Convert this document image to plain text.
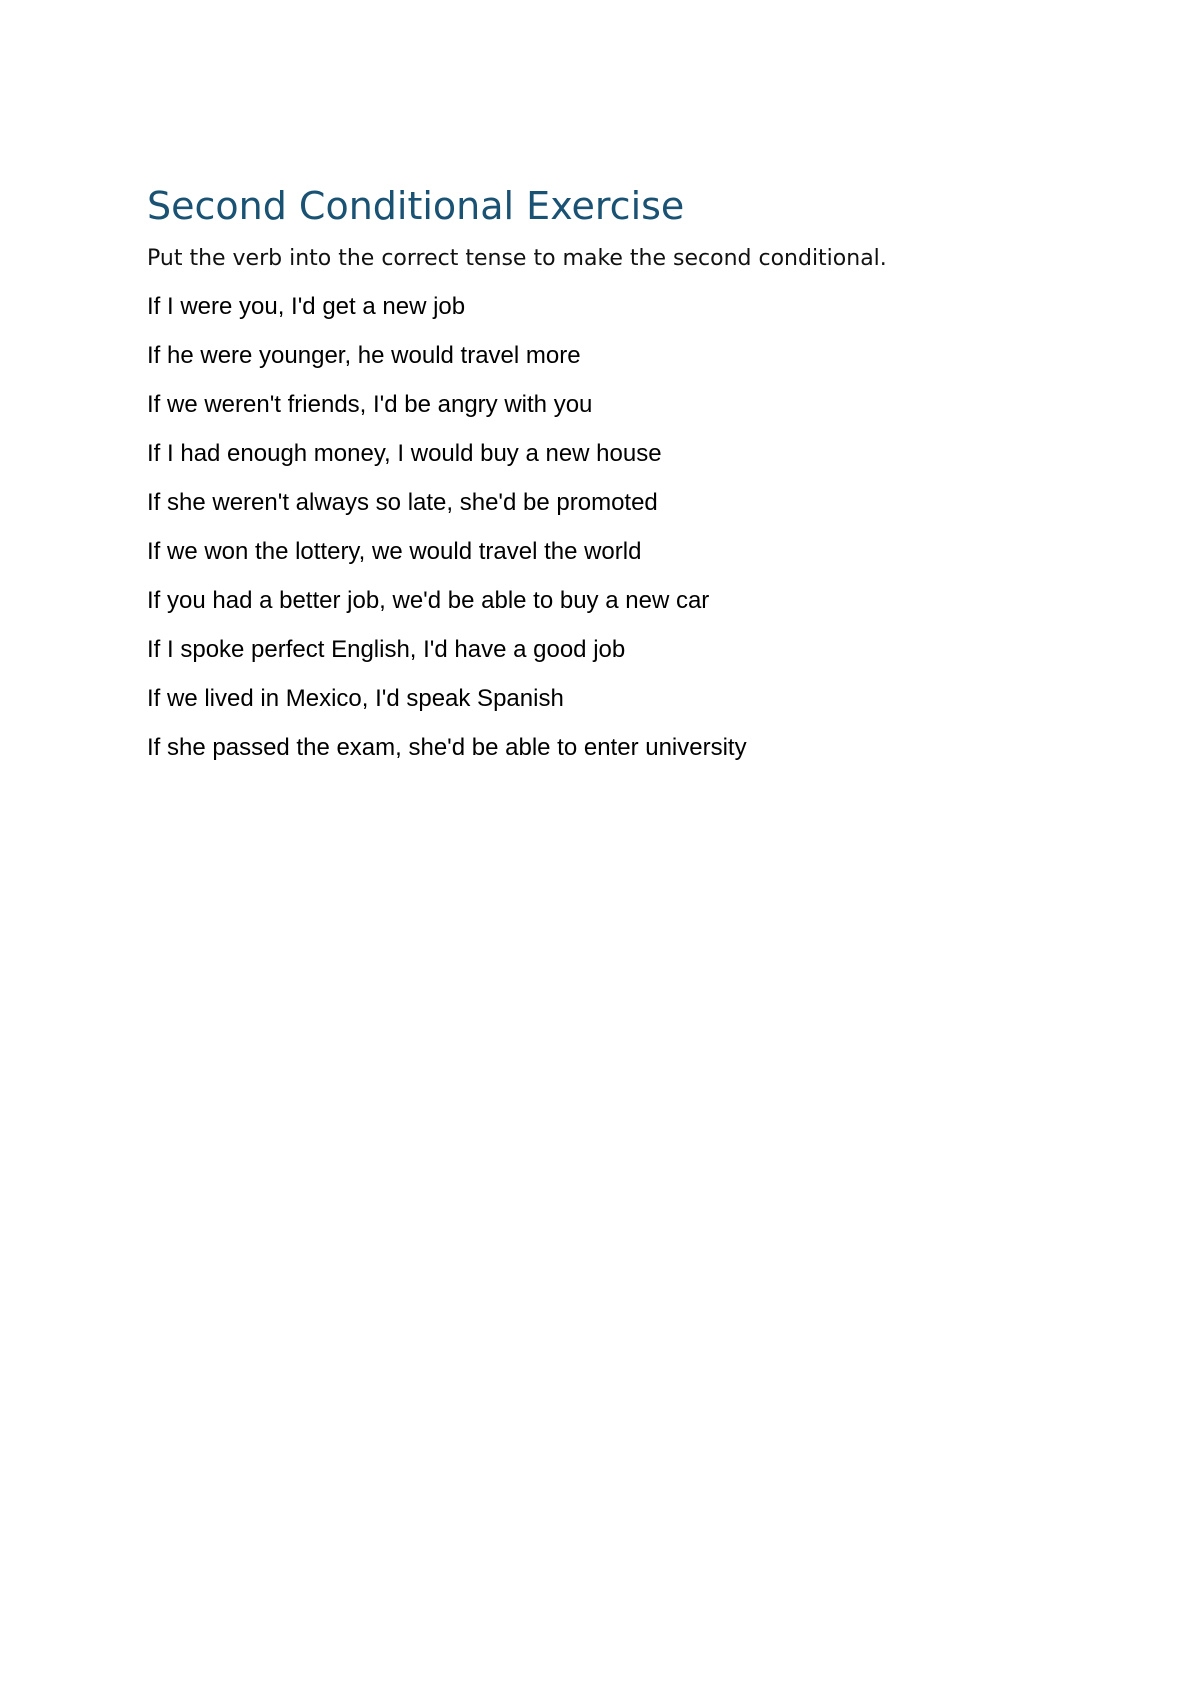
Second Conditional Exercise

Put the verb into the correct tense to make the second conditional.

If I were you, I'd get a new job
If he were younger, he would travel more
If we weren't friends, I'd be angry with you
If I had enough money, I would buy a new house
If she weren't always so late, she'd be promoted
If we won the lottery, we would travel the world
If you had a better job, we'd be able to buy a new car
If I spoke perfect English, I'd have a good job
If we lived in Mexico, I'd speak Spanish
If she passed the exam, she'd be able to enter university
